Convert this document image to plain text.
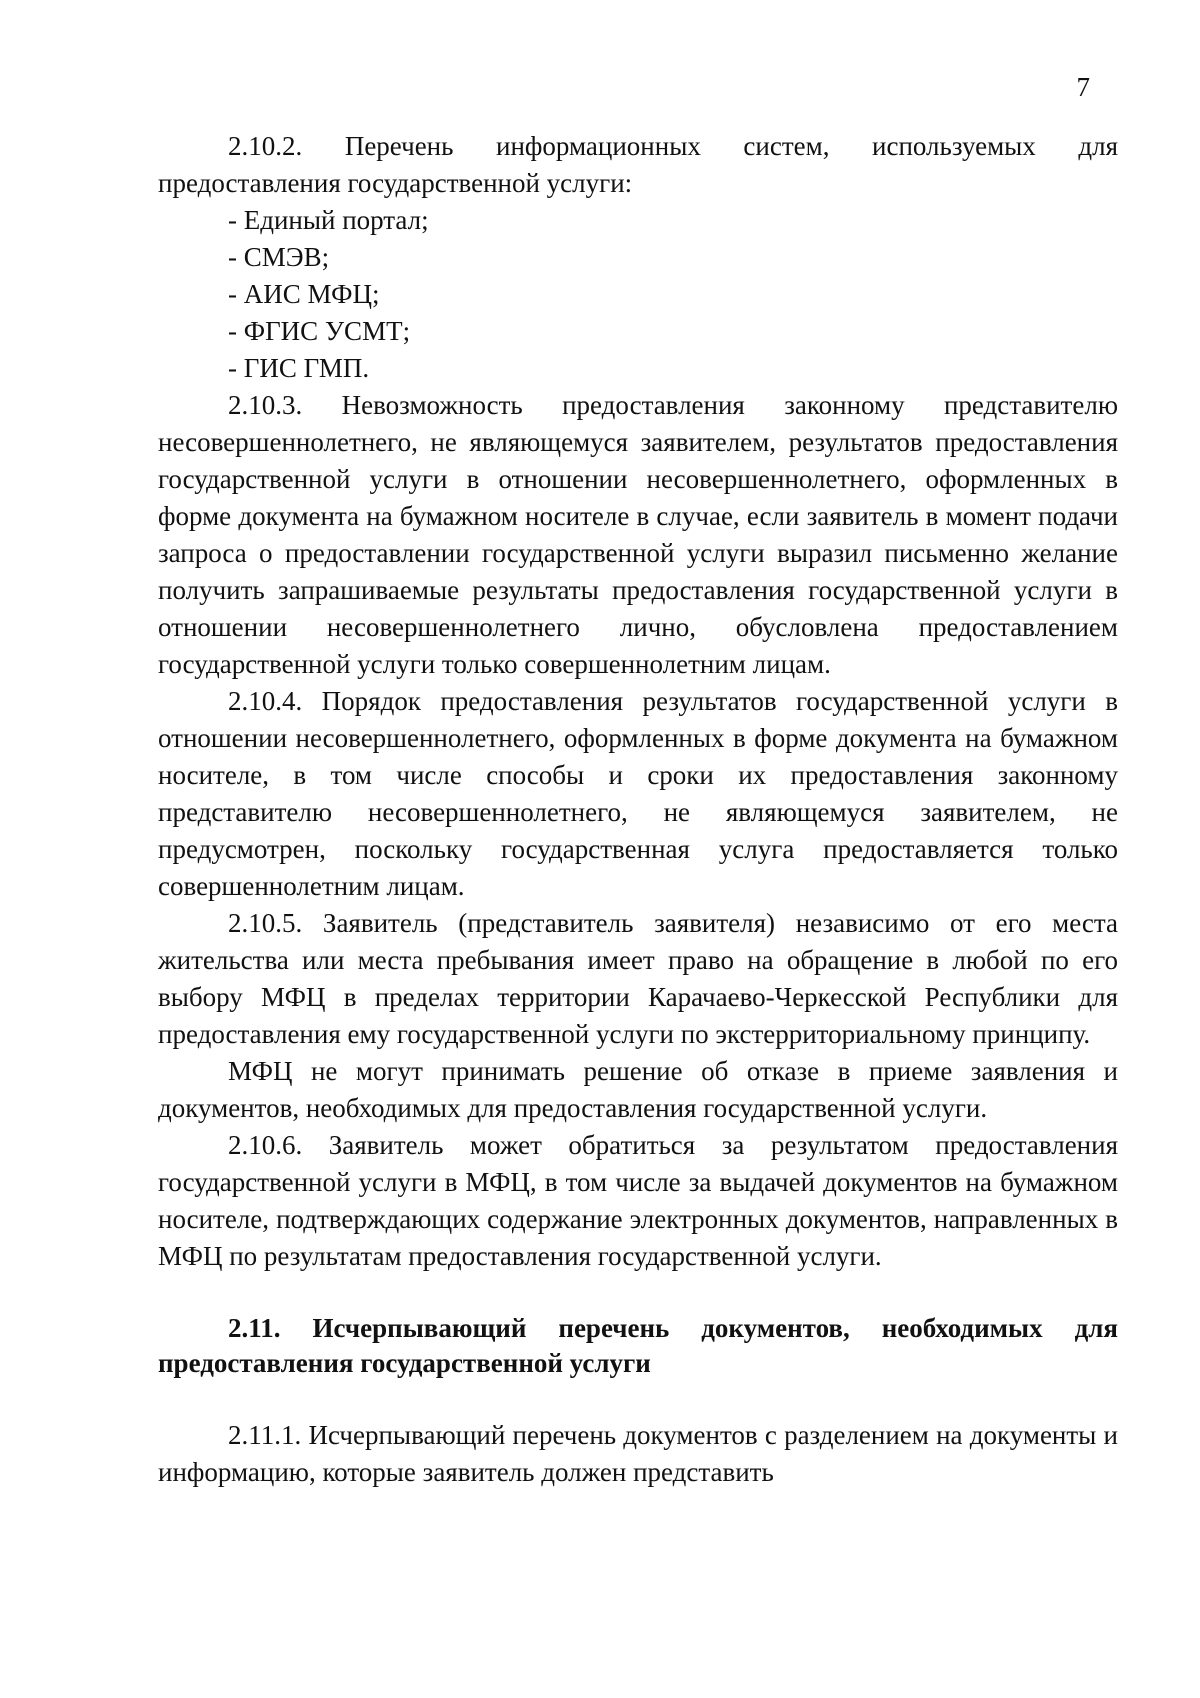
7

2.10.2. Перечень информационных систем, используемых для предоставления государственной услуги:

- Единый портал;

- СМЭВ;

- АИС МФЦ;

- ФГИС УСМТ;

- ГИС ГМП.

2.10.3. Невозможность предоставления законному представителю несовершеннолетнего, не являющемуся заявителем, результатов предоставления государственной услуги в отношении несовершеннолетнего, оформленных в форме документа на бумажном носителе в случае, если заявитель в момент подачи запроса о предоставлении государственной услуги выразил письменно желание получить запрашиваемые результаты предоставления государственной услуги в отношении несовершеннолетнего лично, обусловлена предоставлением государственной услуги только совершеннолетним лицам.

2.10.4. Порядок предоставления результатов государственной услуги в отношении несовершеннолетнего, оформленных в форме документа на бумажном носителе, в том числе способы и сроки их предоставления законному представителю несовершеннолетнего, не являющемуся заявителем, не предусмотрен, поскольку государственная услуга предоставляется только совершеннолетним лицам.

2.10.5. Заявитель (представитель заявителя) независимо от его места жительства или места пребывания имеет право на обращение в любой по его выбору МФЦ в пределах территории Карачаево-Черкесской Республики для предоставления ему государственной услуги по экстерриториальному принципу.

МФЦ не могут принимать решение об отказе в приеме заявления и документов, необходимых для предоставления государственной услуги.

2.10.6. Заявитель может обратиться за результатом предоставления государственной услуги в МФЦ, в том числе за выдачей документов на бумажном носителе, подтверждающих содержание электронных документов, направленных в МФЦ по результатам предоставления государственной услуги.

2.11. Исчерпывающий перечень документов, необходимых для предоставления государственной услуги

2.11.1. Исчерпывающий перечень документов с разделением на документы и информацию, которые заявитель должен представить
